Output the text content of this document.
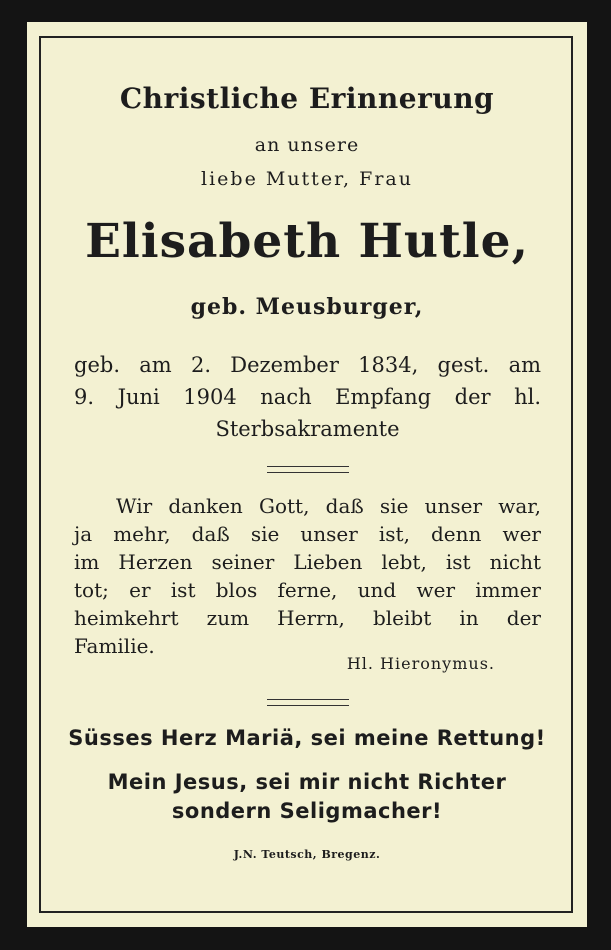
Christliche Erinnerung
an unsere
liebe Mutter, Frau
Elisabeth Hutle,
geb. Meusburger,
geb. am 2. Dezember 1834, gest. am
9. Juni 1904 nach Empfang der hl.
Sterbsakramente
Wir danken Gott, daß sie unser war,
ja mehr, daß sie unser ist, denn wer
im Herzen seiner Lieben lebt, ist nicht
tot; er ist blos ferne, und wer immer
heimkehrt zum Herrn, bleibt in der
Familie.
Hl. Hieronymus.
Süsses Herz Mariä, sei meine Rettung!
Mein Jesus, sei mir nicht Richter
sondern Seligmacher!
J.N. Teutsch, Bregenz.
